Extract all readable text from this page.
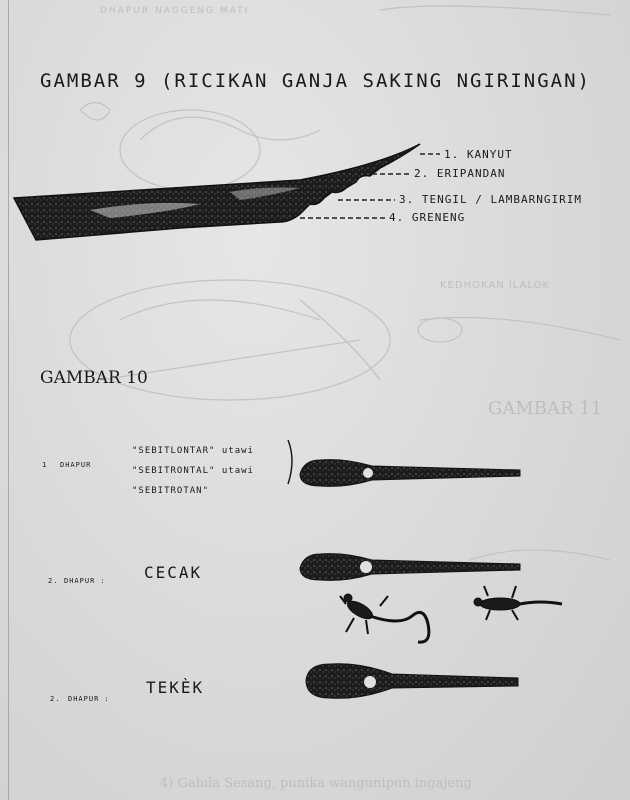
DHAPUR NAGGENG MATI
KEDHOKAN ILALOK
GAMBAR 11
4) Gabila Sesang, punika wangunipun ingajeng
GAMBAR 9 (RICIKAN GANJA SAKING NGIRINGAN)
1. KANYUT
2. ERIPANDAN
3. TENGIL / LAMBARNGIRIM
4. GRENENG
GAMBAR 10
1 DHAPUR
"SEBITLONTAR" utawi
"SEBITRONTAL" utawi
"SEBITROTAN"
2. DHAPUR : CECAK
2. DHAPUR :
TEKÈK
